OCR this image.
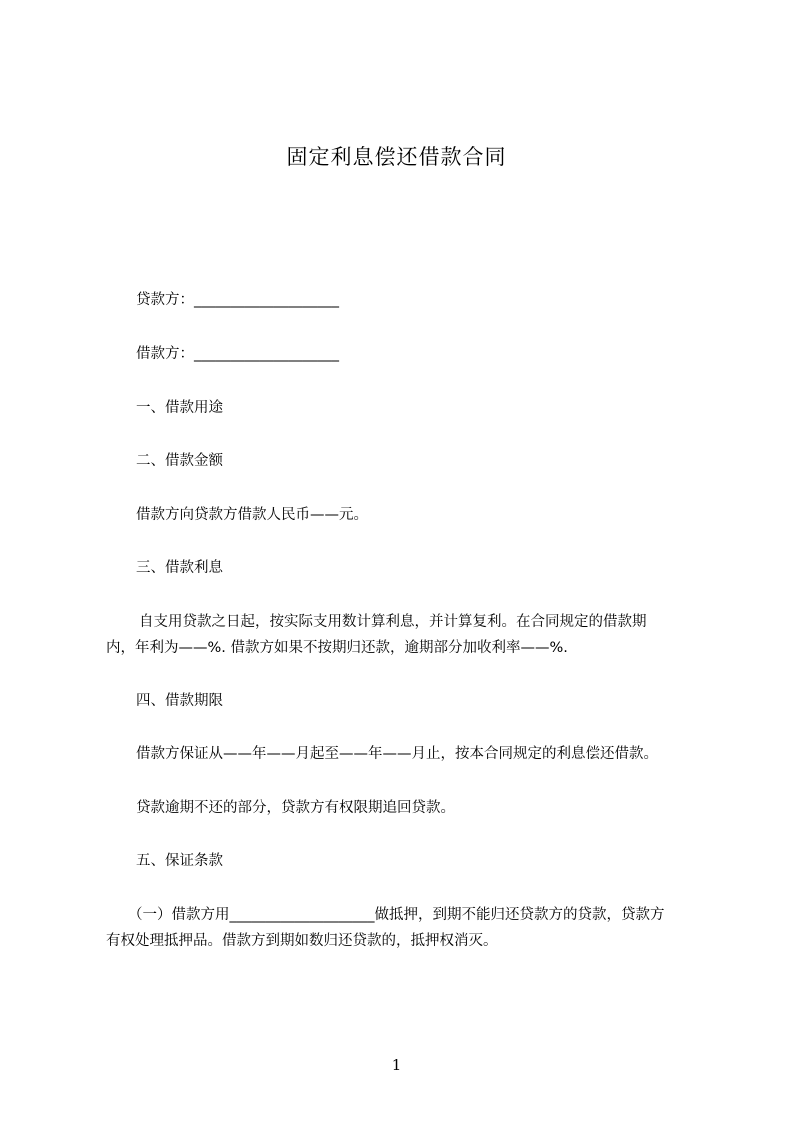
固定利息偿还借款合同
贷款方：____________________
借款方：____________________
一、借款用途
二、借款金额
借款方向贷款方借款人民币——元。
三、借款利息
自支用贷款之日起，按实际支用数计算利息，并计算复利。在合同规定的借款期
内，年利为——%. 借款方如果不按期归还款，逾期部分加收利率——%.
四、借款期限
借款方保证从——年——月起至——年——月止，按本合同规定的利息偿还借款。
贷款逾期不还的部分，贷款方有权限期追回贷款。
五、保证条款
（一）借款方用____________________做抵押，到期不能归还贷款方的贷款，贷款方
有权处理抵押品。借款方到期如数归还贷款的，抵押权消灭。
1
